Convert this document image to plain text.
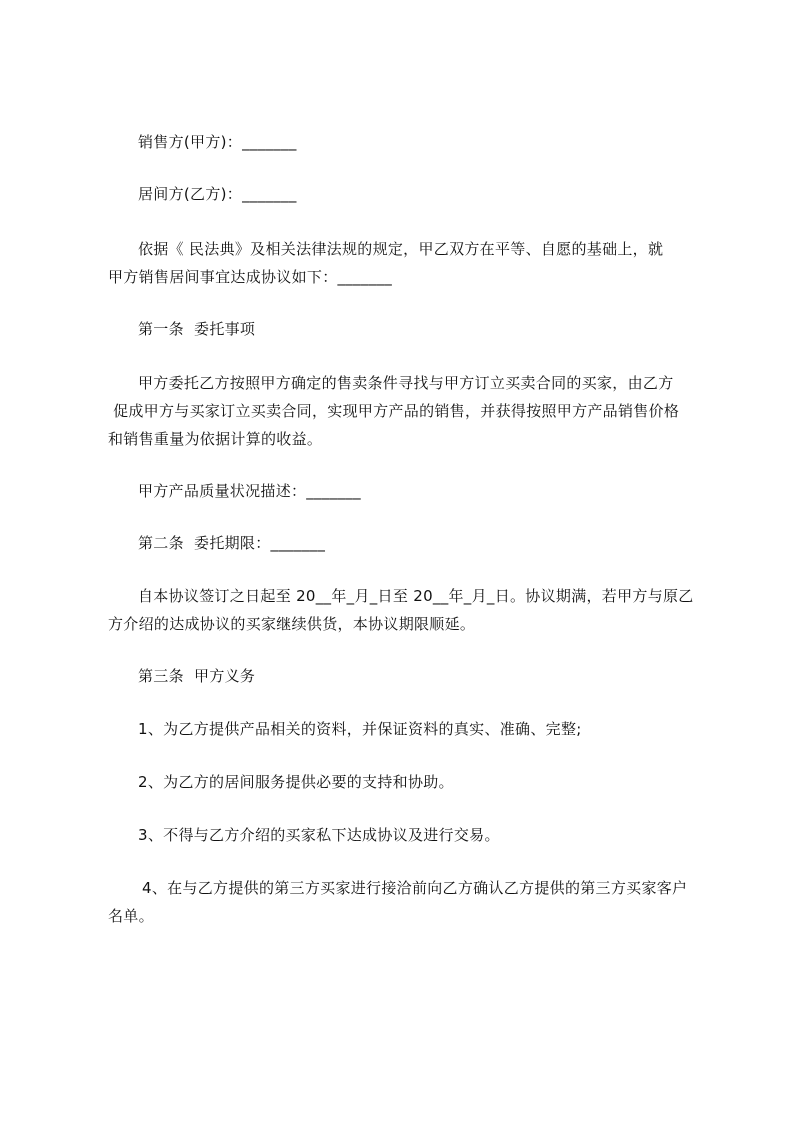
销售方(甲方)：_______

居间方(乙方)：_______

依据《 民法典》及相关法律法规的规定，甲乙双方在平等、自愿的基础上，就

甲方销售居间事宜达成协议如下：_______

第一条  委托事项

甲方委托乙方按照甲方确定的售卖条件寻找与甲方订立买卖合同的买家，由乙方

促成甲方与买家订立买卖合同，实现甲方产品的销售，并获得按照甲方产品销售价格

和销售重量为依据计算的收益。

甲方产品质量状况描述：_______

第二条  委托期限：_______

自本协议签订之日起至 20__年_月_日至 20__年_月_日。协议期满，若甲方与原乙

方介绍的达成协议的买家继续供货，本协议期限顺延。

第三条  甲方义务

1、为乙方提供产品相关的资料，并保证资料的真实、准确、完整;

2、为乙方的居间服务提供必要的支持和协助。

3、不得与乙方介绍的买家私下达成协议及进行交易。

4、在与乙方提供的第三方买家进行接洽前向乙方确认乙方提供的第三方买家客户

名单。
